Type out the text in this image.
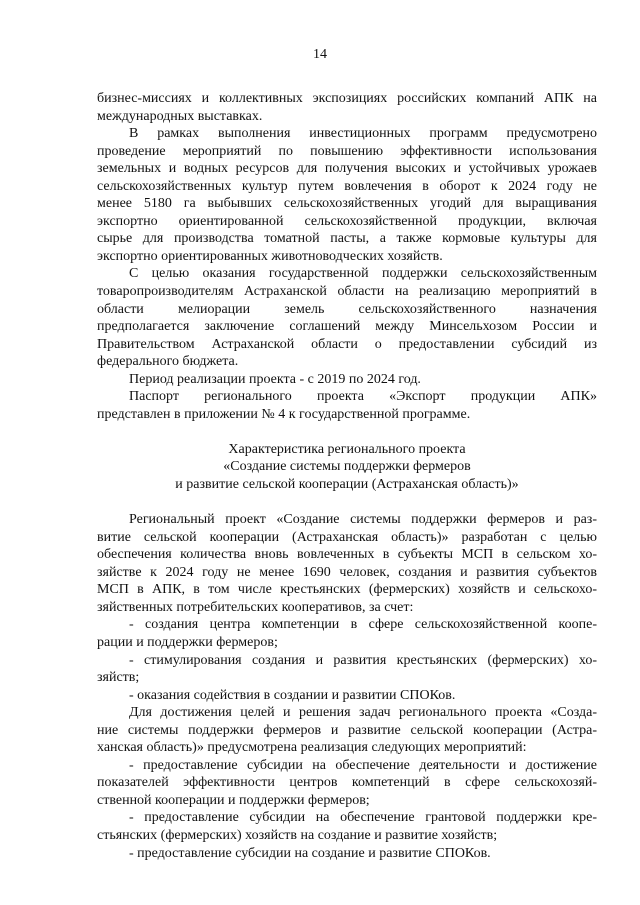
14
бизнес-миссиях и коллективных экспозициях российских компаний АПК на
международных выставках.
В рамках выполнения инвестиционных программ предусмотрено
проведение мероприятий по повышению эффективности использования
земельных и водных ресурсов для получения высоких и устойчивых урожаев
сельскохозяйственных культур путем вовлечения в оборот к 2024 году не
менее 5180 га выбывших сельскохозяйственных угодий для выращивания
экспортно ориентированной сельскохозяйственной продукции, включая
сырье для производства томатной пасты, а также кормовые культуры для
экспортно ориентированных животноводческих хозяйств.
С целью оказания государственной поддержки сельскохозяйственным
товаропроизводителям Астраханской области на реализацию мероприятий в
области мелиорации земель сельскохозяйственного назначения
предполагается заключение соглашений между Минсельхозом России и
Правительством Астраханской области о предоставлении субсидий из
федерального бюджета.
Период реализации проекта - с 2019 по 2024 год.
Паспорт регионального проекта «Экспорт продукции АПК»
представлен в приложении № 4 к государственной программе.
Характеристика регионального проекта
«Создание системы поддержки фермеров
и развитие сельской кооперации (Астраханская область)»
Региональный проект «Создание системы поддержки фермеров и раз-
витие сельской кооперации (Астраханская область)» разработан с целью
обеспечения количества вновь вовлеченных в субъекты МСП в сельском хо-
зяйстве к 2024 году не менее 1690 человек, создания и развития субъектов
МСП в АПК, в том числе крестьянских (фермерских) хозяйств и сельскохо-
зяйственных потребительских кооперативов, за счет:
- создания центра компетенции в сфере сельскохозяйственной коопе-
рации и поддержки фермеров;
- стимулирования создания и развития крестьянских (фермерских) хо-
зяйств;
- оказания содействия в создании и развитии СПОКов.
Для достижения целей и решения задач регионального проекта «Созда-
ние системы поддержки фермеров и развитие сельской кооперации (Астра-
ханская область)» предусмотрена реализация следующих мероприятий:
- предоставление субсидии на обеспечение деятельности и достижение
показателей эффективности центров компетенций в сфере сельскохозяй-
ственной кооперации и поддержки фермеров;
- предоставление субсидии на обеспечение грантовой поддержки кре-
стьянских (фермерских) хозяйств на создание и развитие хозяйств;
- предоставление субсидии на создание и развитие СПОКов.
